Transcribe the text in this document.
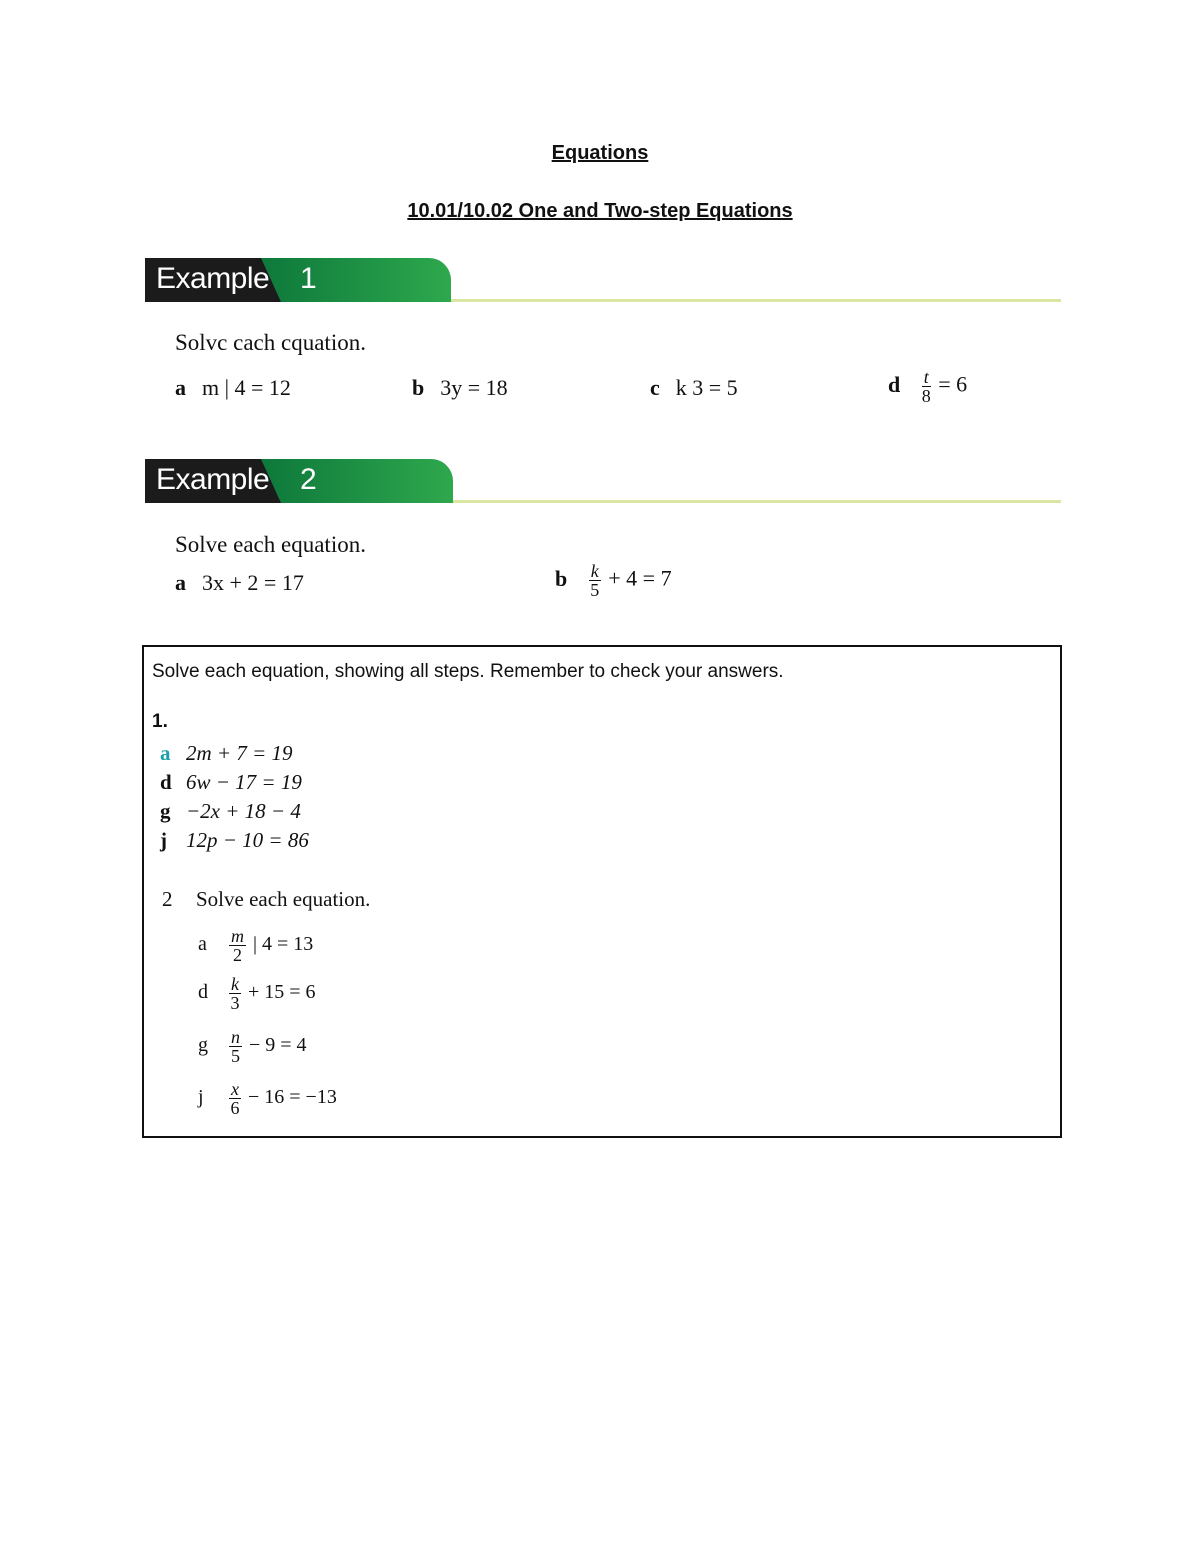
Equations
10.01/10.02 One and Two-step Equations
Example 1
Solvc cach cquation.
a m | 4 = 12	b 3y = 18	c k 3 = 5	d $\frac{t}{8} = 6$
Example 2
Solve each equation.
a 3x + 2 = 17	b $\frac{k}{5} + 4 = 7$
Solve each equation, showing all steps. Remember to check your answers.
1.
a 2m + 7 = 19
d 6w − 17 = 19
g −2x + 18 − 4
j 12p − 10 = 86
2 Solve each equation.
a $\frac{m}{2}$ | 4 = 13
d $\frac{k}{3} + 15 = 6$
g $\frac{n}{5} - 9 = 4$
j $\frac{x}{6} - 16 = -13$
